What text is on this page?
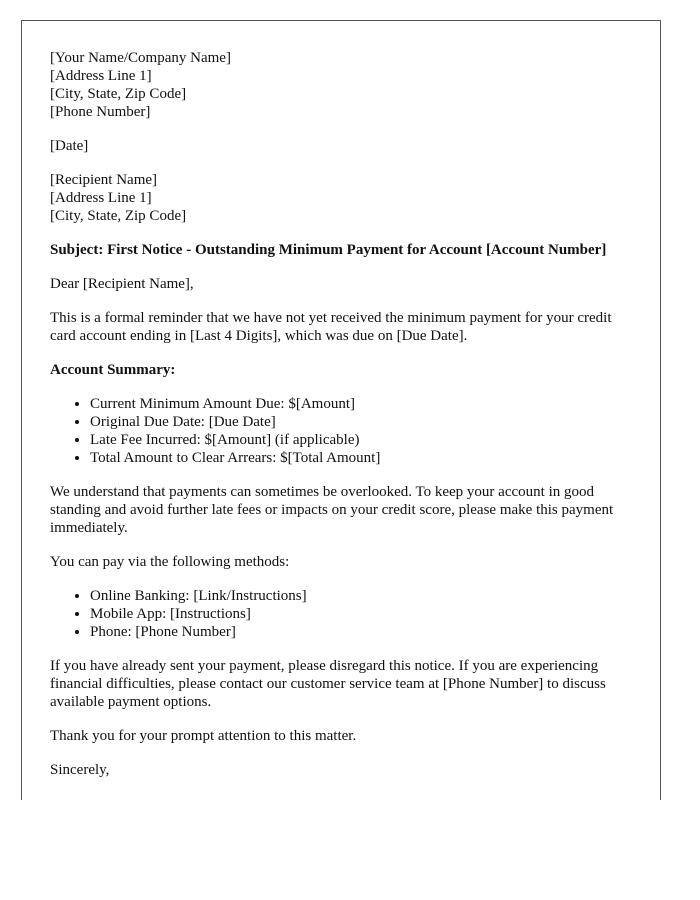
[Your Name/Company Name]
[Address Line 1]
[City, State, Zip Code]
[Phone Number]
[Date]
[Recipient Name]
[Address Line 1]
[City, State, Zip Code]
Subject: First Notice - Outstanding Minimum Payment for Account [Account Number]
Dear [Recipient Name],
This is a formal reminder that we have not yet received the minimum payment for your credit card account ending in [Last 4 Digits], which was due on [Due Date].
Account Summary:
• Current Minimum Amount Due: $[Amount]
• Original Due Date: [Due Date]
• Late Fee Incurred: $[Amount] (if applicable)
• Total Amount to Clear Arrears: $[Total Amount]
We understand that payments can sometimes be overlooked. To keep your account in good standing and avoid further late fees or impacts on your credit score, please make this payment immediately.
You can pay via the following methods:
• Online Banking: [Link/Instructions]
• Mobile App: [Instructions]
• Phone: [Phone Number]
If you have already sent your payment, please disregard this notice. If you are experiencing financial difficulties, please contact our customer service team at [Phone Number] to discuss available payment options.
Thank you for your prompt attention to this matter.
Sincerely,
